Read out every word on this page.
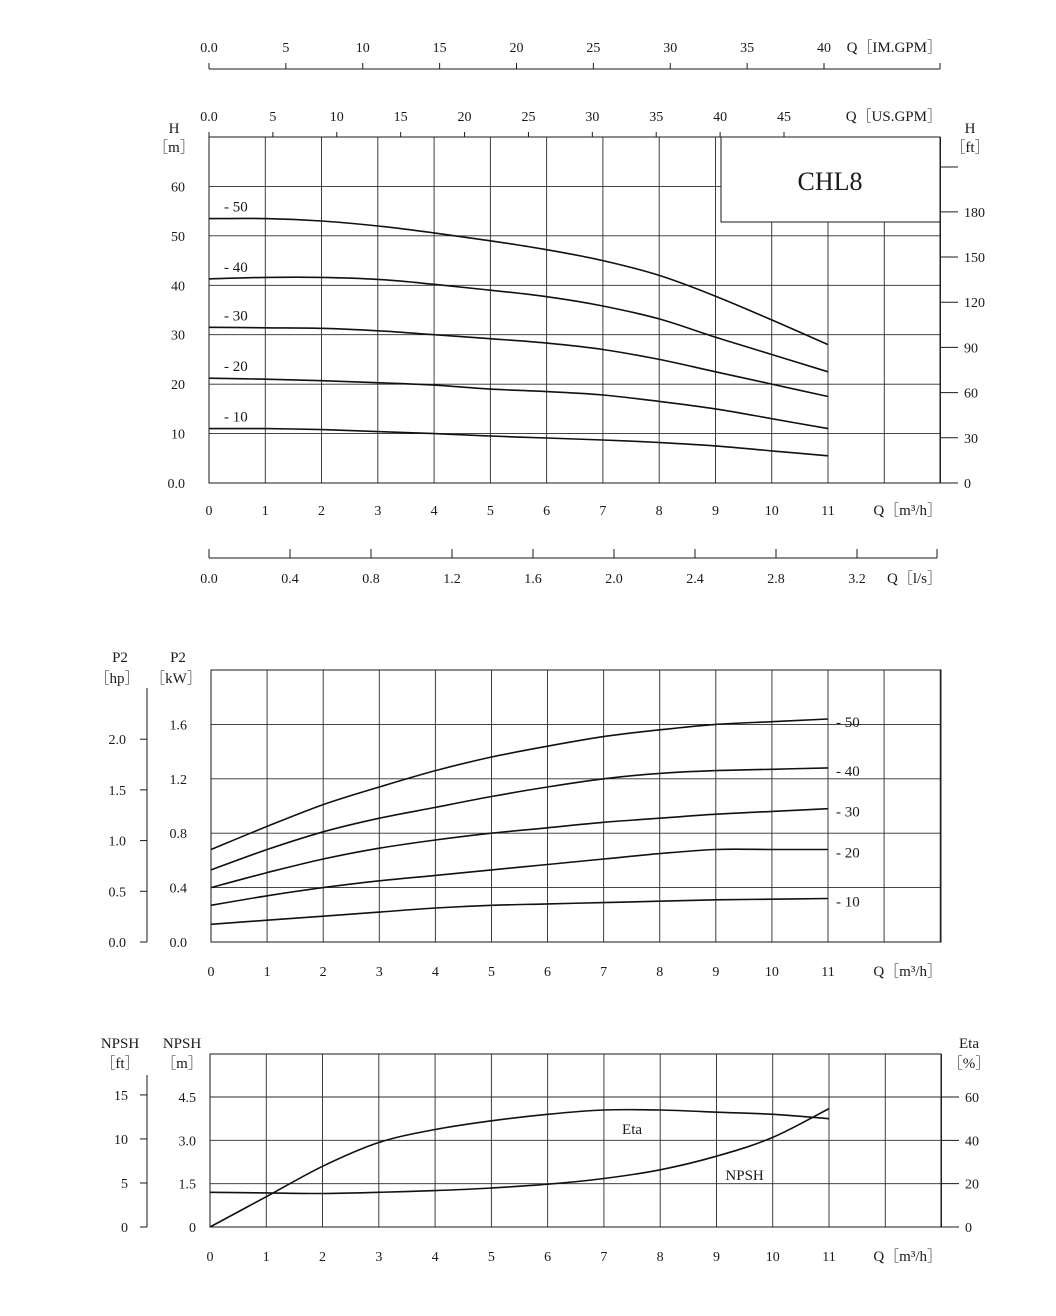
0.0	5	10	15	20	25	30	35	40 Q［IM.GPM］
0.0	5	10	15	20	25	30	35	40	45	Q［US.GPM］
0.0
10
20
30
40
50
60
H
［m］
H
［ft］
0
30
60
90
120
150
180
0	1	2	3	4	5	6	7	8	9	10	11	Q［m³/h］
CHL8
- 50
- 40
- 30
- 20
- 10
0.0	0.4	0.8	1.2	1.6	2.0	2.4	2.8	3.2 Q［l/s］
0.0
0.4
0.8
1.2
1.6
0.0
0.5
1.0
1.5
2.0
P2
［hp］
P2
［kW］
0	1	2	3	4	5	6	7	8	9	10	11	Q［m³/h］
- 50
- 40
- 30
- 20
- 10
0
1.5
3.0
4.5
0
5
10
15
0
20
40
60
NPSH
［ft］
NPSH
［m］
Eta
［%］
0	1	2	3	4	5	6	7	8	9	10	11	Q［m³/h］
Eta
NPSH
